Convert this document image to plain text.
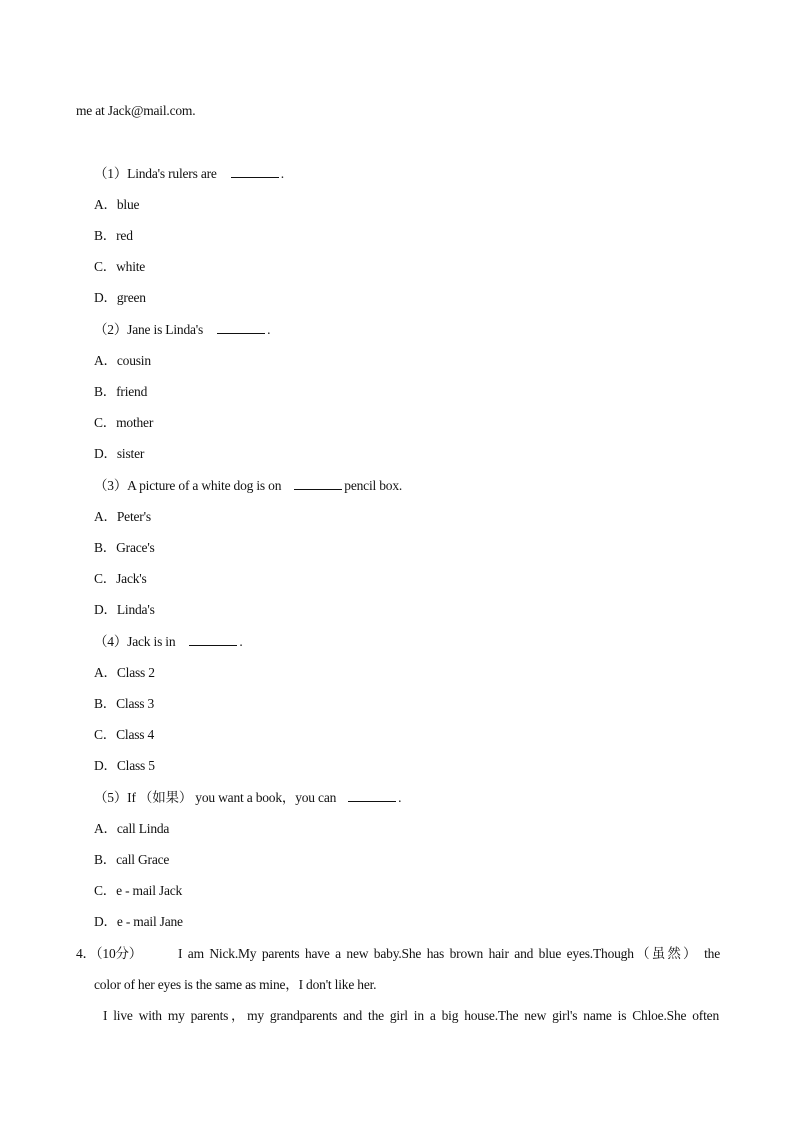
me at Jack@mail.com.
（1）Linda's rulers are	.
A．blue
B．red
C．white
D．green
（2）Jane is Linda's	.
A．cousin
B．friend
C．mother
D．sister
（3）A picture of a white dog is on	pencil box.
A．Peter's
B．Grace's
C．Jack's
D．Linda's
（4）Jack is in	.
A．Class 2
B．Class 3
C．Class 4
D．Class 5
（5）If （如果） you want a book，you can	.
A．call Linda
B．call Grace
C．e - mail Jack
D．e - mail Jane
4．（10分）	I am Nick.My parents have a new baby.She has brown hair and blue eyes.Though（虽然） the
color of her eyes is the same as mine，I don't like her.
I live with my parents，my grandparents and the girl in a big house.The new girl's name is Chloe.She often
